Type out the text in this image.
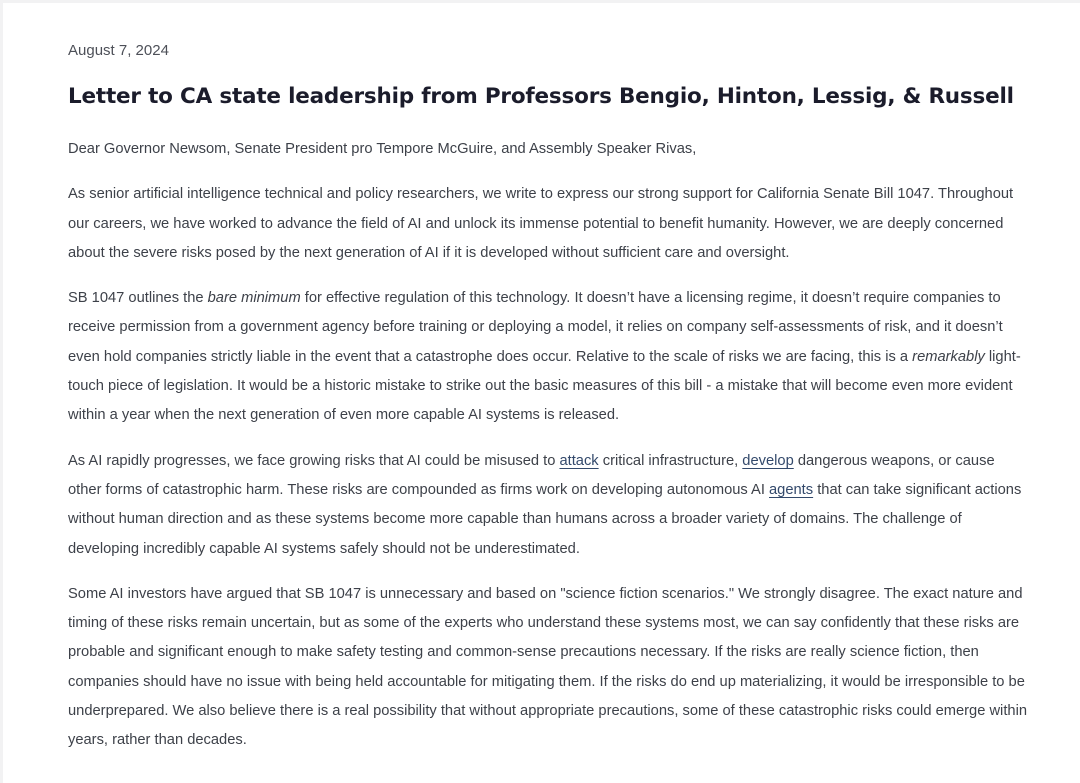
August 7, 2024
Letter to CA state leadership from Professors Bengio, Hinton, Lessig, & Russell

Dear Governor Newsom, Senate President pro Tempore McGuire, and Assembly Speaker Rivas,

As senior artificial intelligence technical and policy researchers, we write to express our strong support for California Senate Bill 1047. Throughout our careers, we have worked to advance the field of AI and unlock its immense potential to benefit humanity. However, we are deeply concerned about the severe risks posed by the next generation of AI if it is developed without sufficient care and oversight.

SB 1047 outlines the bare minimum for effective regulation of this technology. It doesn’t have a licensing regime, it doesn’t require companies to receive permission from a government agency before training or deploying a model, it relies on company self-assessments of risk, and it doesn’t even hold companies strictly liable in the event that a catastrophe does occur. Relative to the scale of risks we are facing, this is a remarkably light-touch piece of legislation. It would be a historic mistake to strike out the basic measures of this bill - a mistake that will become even more evident within a year when the next generation of even more capable AI systems is released.

As AI rapidly progresses, we face growing risks that AI could be misused to attack critical infrastructure, develop dangerous weapons, or cause other forms of catastrophic harm. These risks are compounded as firms work on developing autonomous AI agents that can take significant actions without human direction and as these systems become more capable than humans across a broader variety of domains. The challenge of developing incredibly capable AI systems safely should not be underestimated.

Some AI investors have argued that SB 1047 is unnecessary and based on "science fiction scenarios." We strongly disagree. The exact nature and timing of these risks remain uncertain, but as some of the experts who understand these systems most, we can say confidently that these risks are probable and significant enough to make safety testing and common-sense precautions necessary. If the risks are really science fiction, then companies should have no issue with being held accountable for mitigating them. If the risks do end up materializing, it would be irresponsible to be underprepared. We also believe there is a real possibility that without appropriate precautions, some of these catastrophic risks could emerge within years, rather than decades.
